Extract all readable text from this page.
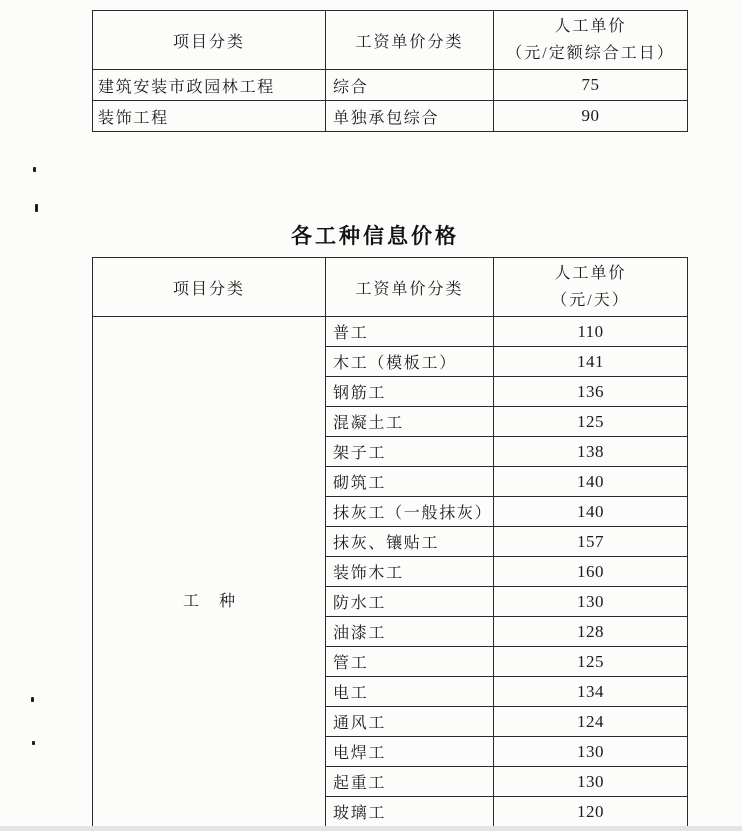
项目分类	工资单价分类	人工单价
（元/定额综合工日）

建筑安装市政园林工程	综合	75
装饰工程	单独承包综合	90
各工种信息价格
项目分类	工资单价分类	人工单价
（元/天）

工 种	普工	110
	木工（模板工）	141
	钢筋工	136
	混凝土工	125
	架子工	138
	砌筑工	140
	抹灰工（一般抹灰）	140
	抹灰、镶贴工	157
	装饰木工	160
	防水工	130
	油漆工	128
	管工	125
	电工	134
	通风工	124
	电焊工	130
	起重工	130
	玻璃工	120
